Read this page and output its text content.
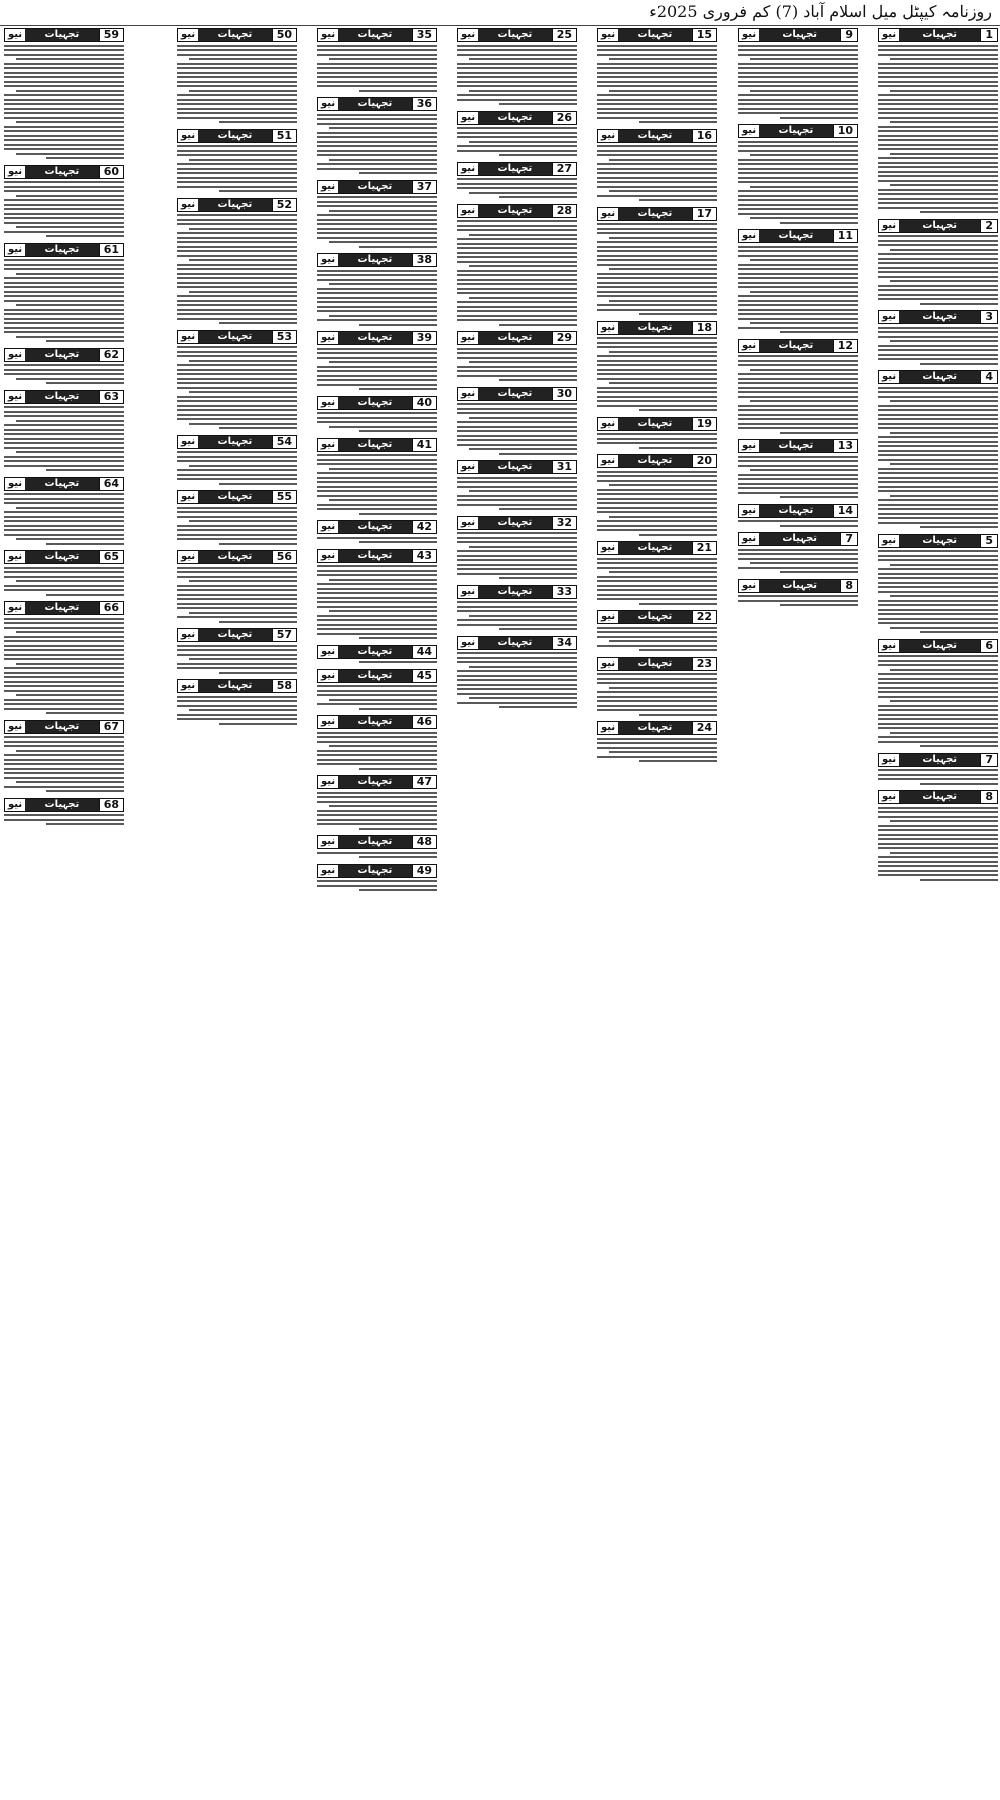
روزنامہ کیپٹل میل اسلام آباد (7) کم فروری 2025ء
1
تجہیات
نیو
2
تجہیات
نیو
3
تجہیات
نیو
4
تجہیات
نیو
5
تجہیات
نیو
6
تجہیات
نیو
7
تجہیات
نیو
8
تجہیات
نیو
9
تجہیات
نیو
10
تجہیات
نیو
11
تجہیات
نیو
12
تجہیات
نیو
13
تجہیات
نیو
14
تجہیات
نیو
7
تجہیات
نیو
8
تجہیات
نیو
15
تجہیات
نیو
16
تجہیات
نیو
17
تجہیات
نیو
18
تجہیات
نیو
19
تجہیات
نیو
20
تجہیات
نیو
21
تجہیات
نیو
22
تجہیات
نیو
23
تجہیات
نیو
24
تجہیات
نیو
25
تجہیات
نیو
26
تجہیات
نیو
27
تجہیات
نیو
28
تجہیات
نیو
29
تجہیات
نیو
30
تجہیات
نیو
31
تجہیات
نیو
32
تجہیات
نیو
33
تجہیات
نیو
34
تجہیات
نیو
35
تجہیات
نیو
36
تجہیات
نیو
37
تجہیات
نیو
38
تجہیات
نیو
39
تجہیات
نیو
40
تجہیات
نیو
41
تجہیات
نیو
42
تجہیات
نیو
43
تجہیات
نیو
44
تجہیات
نیو
45
تجہیات
نیو
46
تجہیات
نیو
47
تجہیات
نیو
48
تجہیات
نیو
49
تجہیات
نیو
50
تجہیات
نیو
51
تجہیات
نیو
52
تجہیات
نیو
53
تجہیات
نیو
54
تجہیات
نیو
55
تجہیات
نیو
56
تجہیات
نیو
57
تجہیات
نیو
58
تجہیات
نیو
59
تجہیات
نیو
60
تجہیات
نیو
61
تجہیات
نیو
62
تجہیات
نیو
63
تجہیات
نیو
64
تجہیات
نیو
65
تجہیات
نیو
66
تجہیات
نیو
67
تجہیات
نیو
68
تجہیات
نیو
